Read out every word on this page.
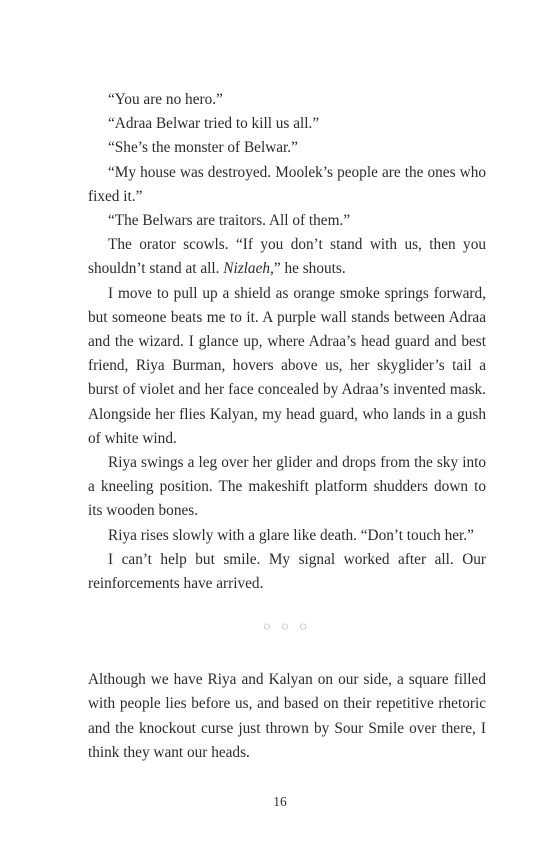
“You are no hero.”

“Adraa Belwar tried to kill us all.”

“She’s the monster of Belwar.”

“My house was destroyed. Moolek’s people are the ones who fixed it.”

“The Belwars are traitors. All of them.”

The orator scowls. “If you don’t stand with us, then you shouldn’t stand at all. Nizlaeh,” he shouts.

I move to pull up a shield as orange smoke springs forward, but someone beats me to it. A purple wall stands between Adraa and the wizard. I glance up, where Adraa’s head guard and best friend, Riya Burman, hovers above us, her skyglider’s tail a burst of violet and her face concealed by Adraa’s invented mask. Alongside her flies Kalyan, my head guard, who lands in a gush of white wind.

Riya swings a leg over her glider and drops from the sky into a kneeling position. The makeshift platform shudders down to its wooden bones.

Riya rises slowly with a glare like death. “Don’t touch her.”

I can’t help but smile. My signal worked after all. Our reinforcements have arrived.

◌ ◌ ◌

Although we have Riya and Kalyan on our side, a square filled with people lies before us, and based on their repetitive rhetoric and the knockout curse just thrown by Sour Smile over there, I think they want our heads.

16
